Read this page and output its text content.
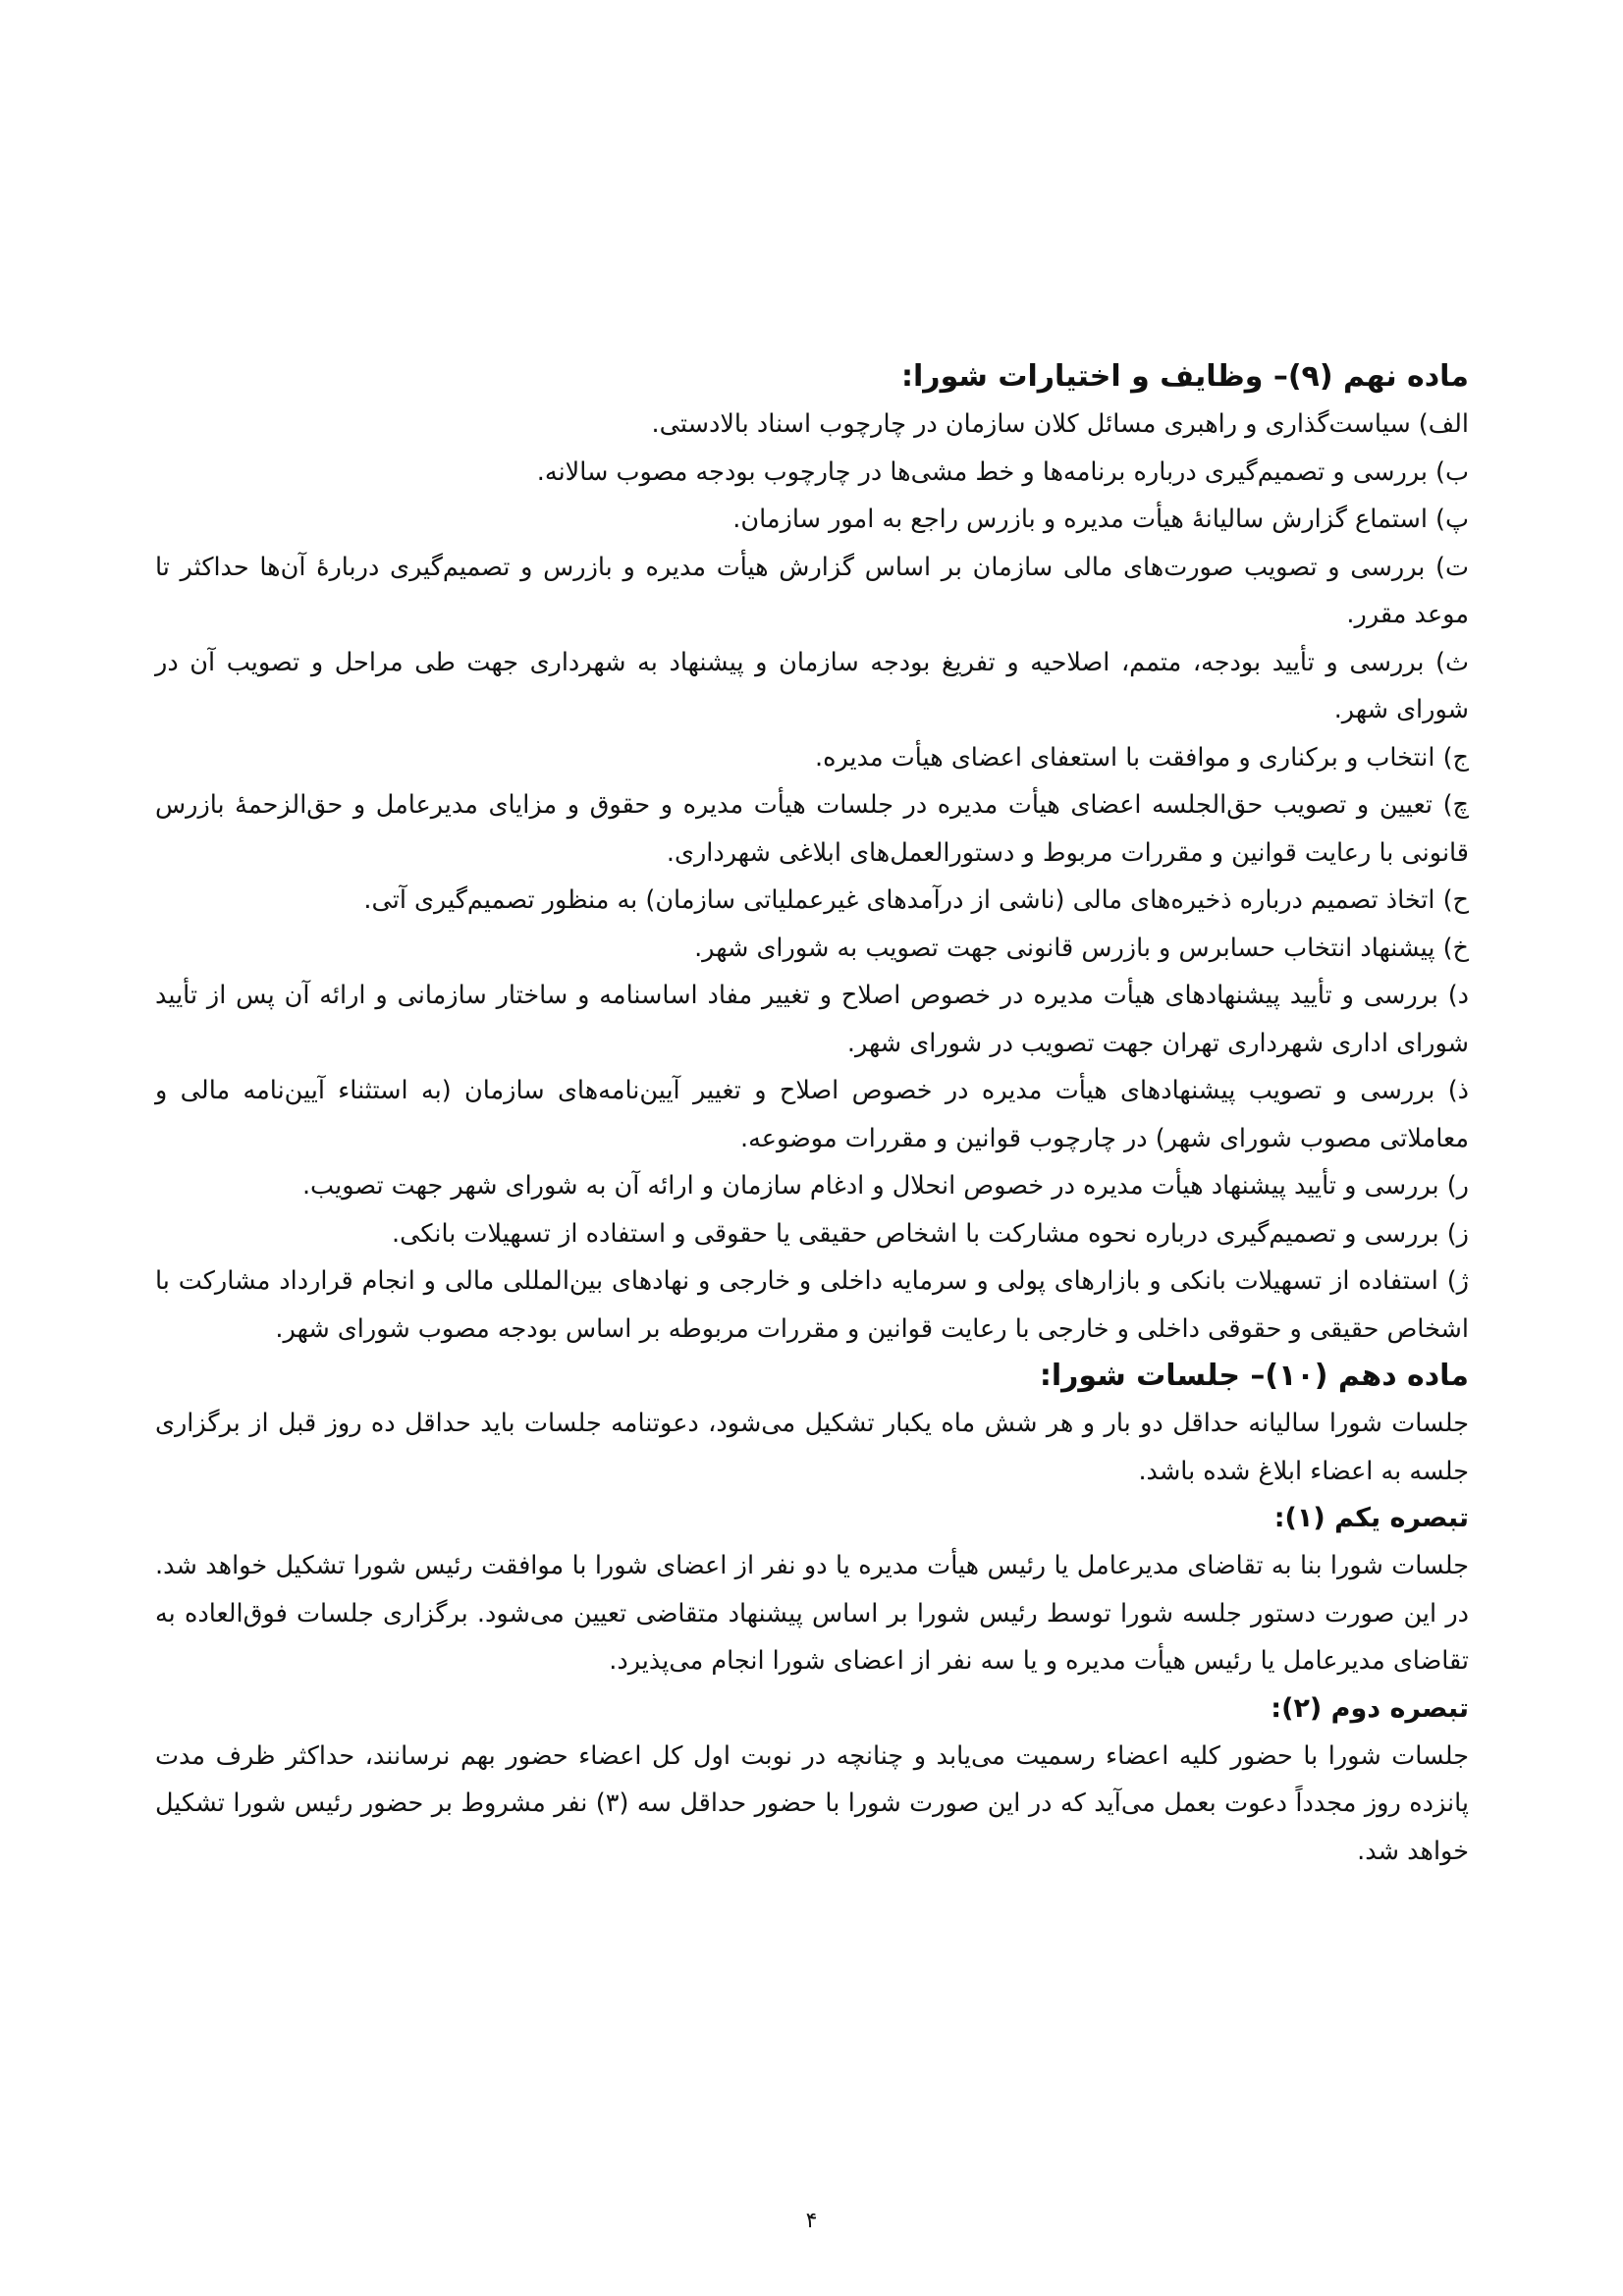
ماده نهم (۹)– وظایف و اختیارات شورا:

الف) سیاست‌گذاری و راهبری مسائل کلان سازمان در چارچوب اسناد بالادستی.

ب) بررسی و تصمیم‌گیری درباره برنامه‌ها و خط مشی‌ها در چارچوب بودجه مصوب سالانه.

پ) استماع گزارش سالیانهٔ هیأت مدیره و بازرس راجع به امور سازمان.

ت) بررسی و تصویب صورت‌های مالی سازمان بر اساس گزارش هیأت مدیره و بازرس و تصمیم‌گیری دربارهٔ آن‌ها حداکثر تا موعد مقرر.

ث) بررسی و تأیید بودجه، متمم، اصلاحیه و تفریغ بودجه سازمان و پیشنهاد به شهرداری جهت طی مراحل و تصویب آن در شورای شهر.

ج) انتخاب و برکناری و موافقت با استعفای اعضای هیأت مدیره.

چ) تعیین و تصویب حق‌الجلسه اعضای هیأت مدیره در جلسات هیأت مدیره و حقوق و مزایای مدیرعامل و حق‌الزحمهٔ بازرس قانونی با رعایت قوانین و مقررات مربوط و دستورالعمل‌های ابلاغی شهرداری.

ح) اتخاذ تصمیم درباره ذخیره‌های مالی (ناشی از درآمدهای غیرعملیاتی سازمان) به منظور تصمیم‌گیری آتی.

خ) پیشنهاد انتخاب حسابرس و بازرس قانونی جهت تصویب به شورای شهر.

د) بررسی و تأیید پیشنهادهای هیأت مدیره در خصوص اصلاح و تغییر مفاد اساسنامه و ساختار سازمانی و ارائه آن پس از تأیید شورای اداری شهرداری تهران جهت تصویب در شورای شهر.

ذ) بررسی و تصویب پیشنهادهای هیأت مدیره در خصوص اصلاح و تغییر آیین‌نامه‌های سازمان (به استثناء آیین‌نامه مالی و معاملاتی مصوب شورای شهر) در چارچوب قوانین و مقررات موضوعه.

ر) بررسی و تأیید پیشنهاد هیأت مدیره در خصوص انحلال و ادغام سازمان و ارائه آن به شورای شهر جهت تصویب.

ز) بررسی و تصمیم‌گیری درباره نحوه مشارکت با اشخاص حقیقی یا حقوقی و استفاده از تسهیلات بانکی.

ژ) استفاده از تسهیلات بانکی و بازارهای پولی و سرمایه داخلی و خارجی و نهادهای بین‌المللی مالی و انجام قرارداد مشارکت با اشخاص حقیقی و حقوقی داخلی و خارجی با رعایت قوانین و مقررات مربوطه بر اساس بودجه مصوب شورای شهر.

ماده دهم (۱۰)– جلسات شورا:

جلسات شورا سالیانه حداقل دو بار و هر شش ماه یکبار تشکیل می‌شود، دعوتنامه جلسات باید حداقل ده روز قبل از برگزاری جلسه به اعضاء ابلاغ شده باشد.

تبصره یکم (۱):

جلسات شورا بنا به تقاضای مدیرعامل یا رئیس هیأت مدیره یا دو نفر از اعضای شورا با موافقت رئیس شورا تشکیل خواهد شد. در این صورت دستور جلسه شورا توسط رئیس شورا بر اساس پیشنهاد متقاضی تعیین می‌شود. برگزاری جلسات فوق‌العاده به تقاضای مدیرعامل یا رئیس هیأت مدیره و یا سه نفر از اعضای شورا انجام می‌پذیرد.

تبصره دوم (۲):

جلسات شورا با حضور کلیه اعضاء رسمیت می‌یابد و چنانچه در نوبت اول کل اعضاء حضور بهم نرسانند، حداکثر ظرف مدت پانزده روز مجدداً دعوت بعمل می‌آید که در این صورت شورا با حضور حداقل سه (۳) نفر مشروط بر حضور رئیس شورا تشکیل خواهد شد.

۴
